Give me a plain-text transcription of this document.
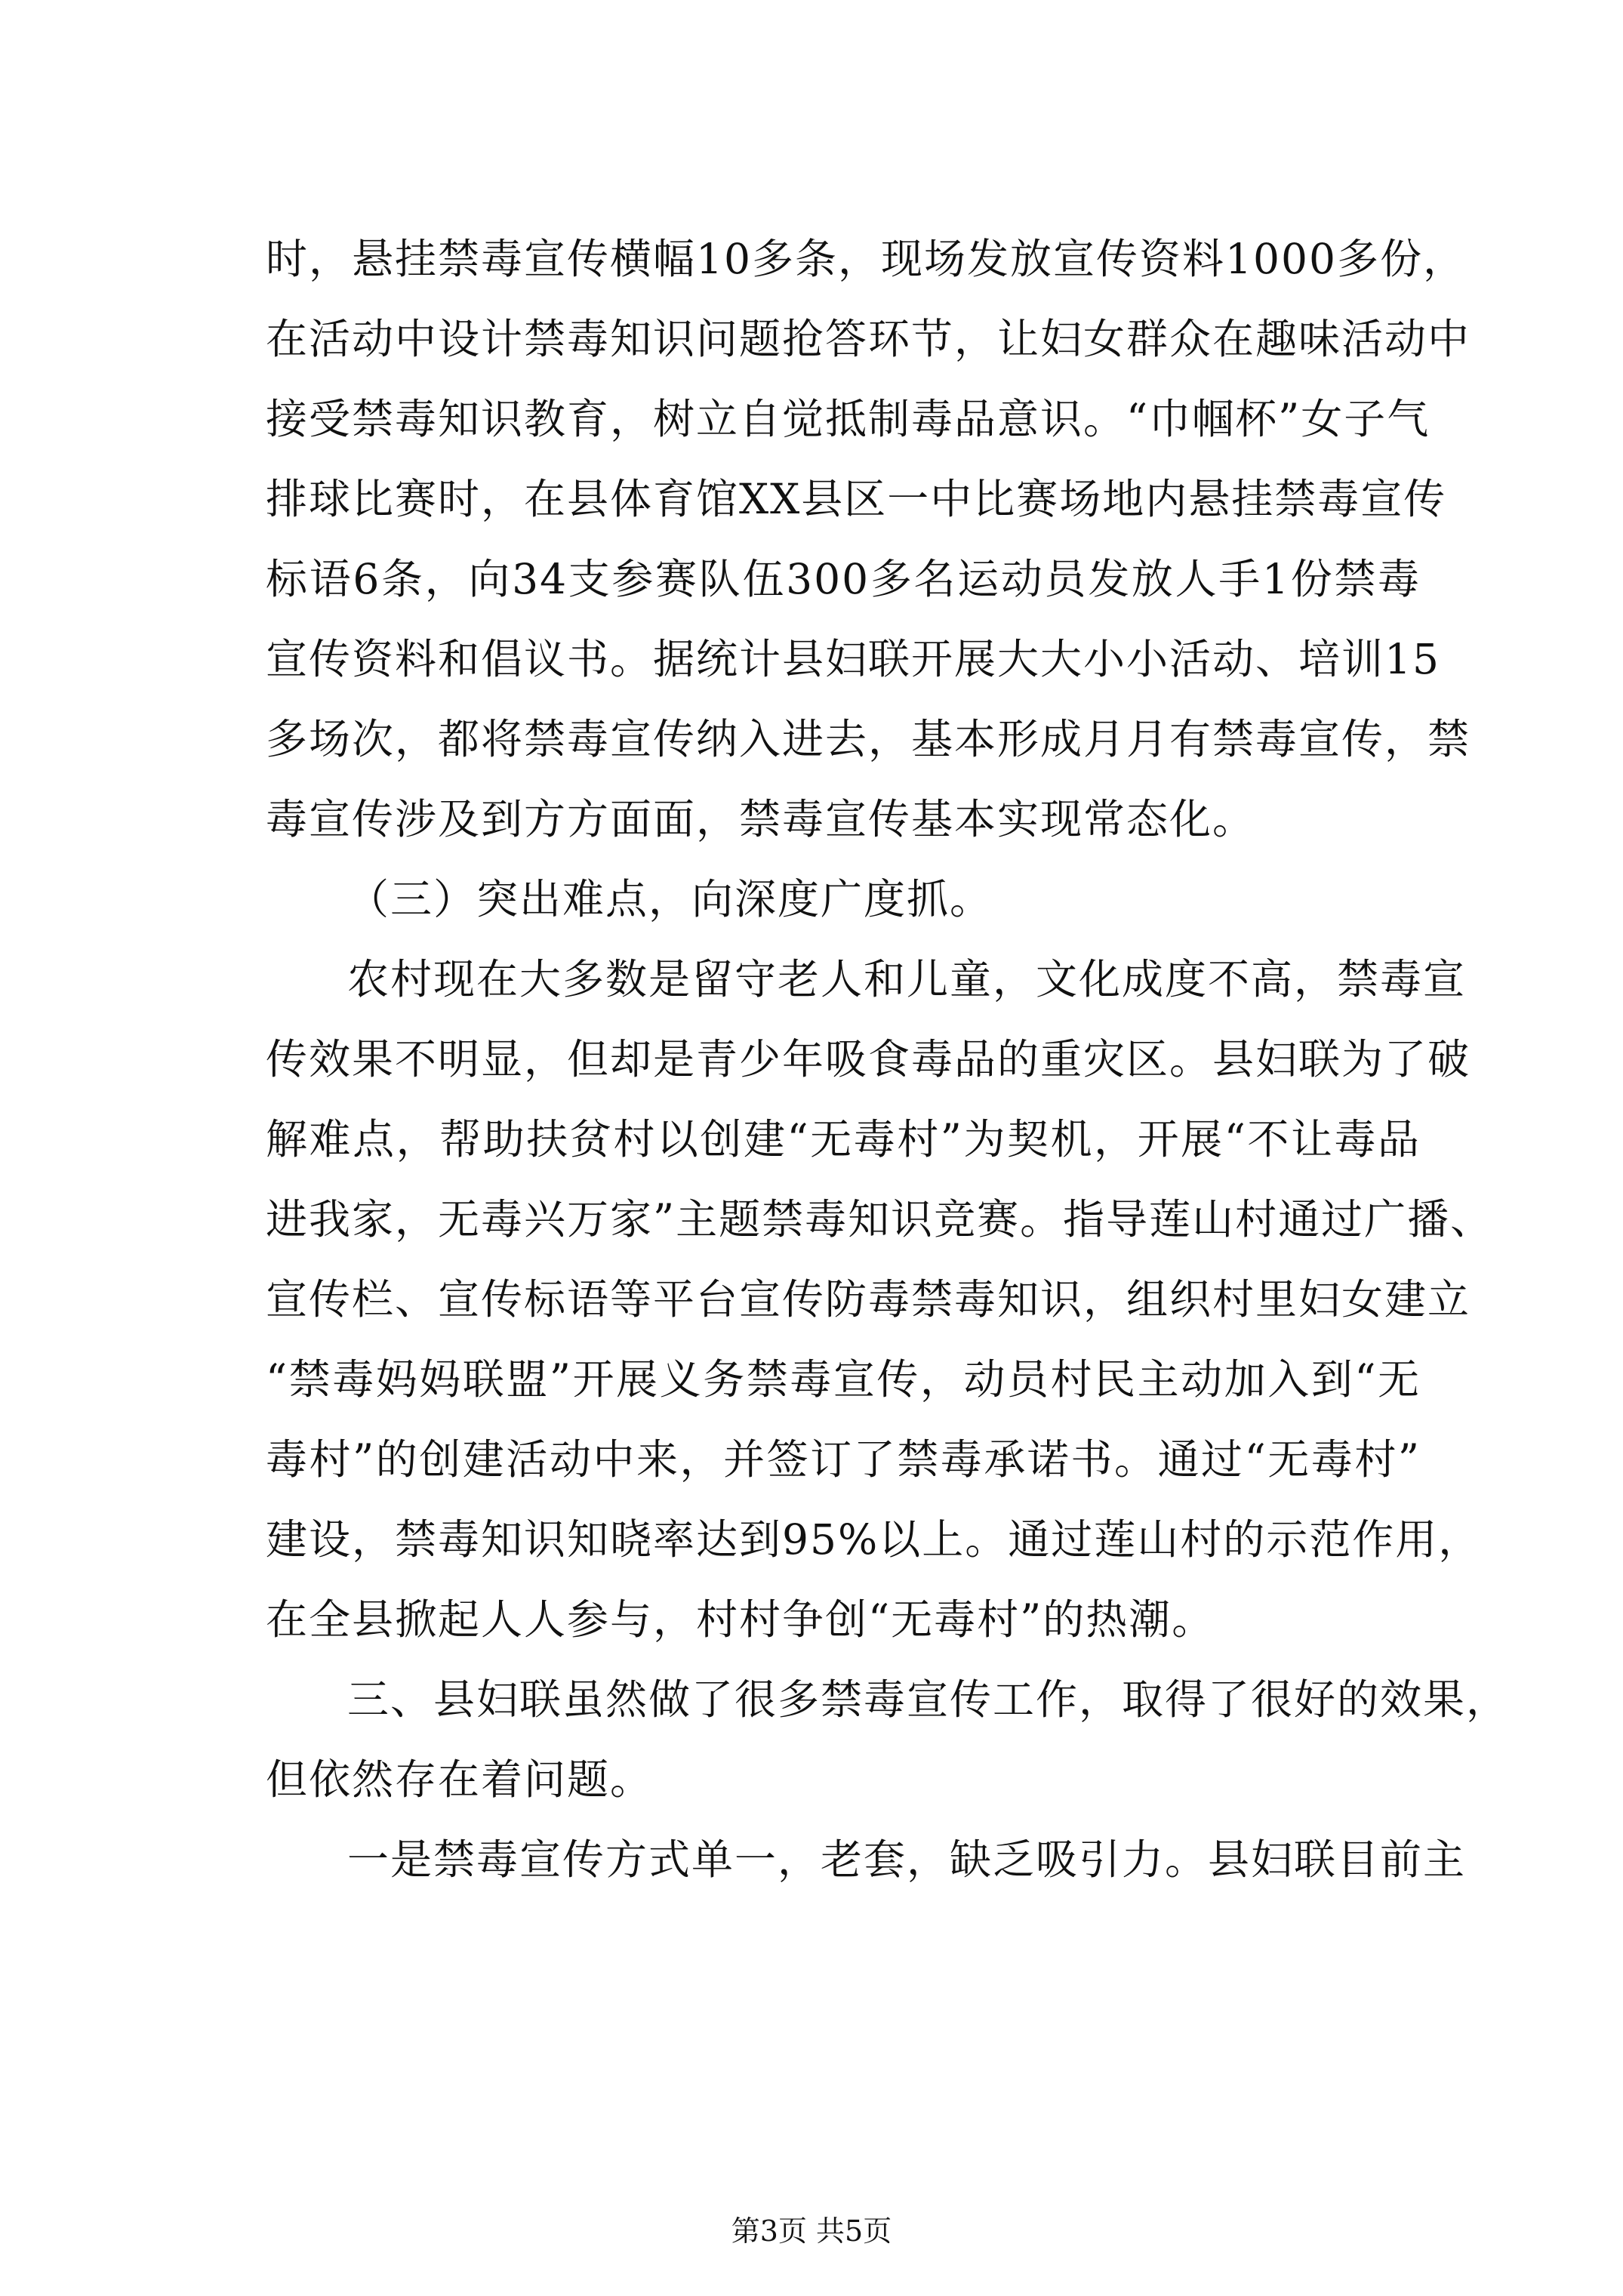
时，悬挂禁毒宣传横幅10多条，现场发放宣传资料1000多份，
在活动中设计禁毒知识问题抢答环节，让妇女群众在趣味活动中
接受禁毒知识教育，树立自觉抵制毒品意识。“巾帼杯”女子气
排球比赛时，在县体育馆XX县区一中比赛场地内悬挂禁毒宣传
标语6条，向34支参赛队伍300多名运动员发放人手1份禁毒
宣传资料和倡议书。据统计县妇联开展大大小小活动、培训15
多场次，都将禁毒宣传纳入进去，基本形成月月有禁毒宣传，禁
毒宣传涉及到方方面面，禁毒宣传基本实现常态化。
（三）突出难点，向深度广度抓。
农村现在大多数是留守老人和儿童，文化成度不高，禁毒宣
传效果不明显，但却是青少年吸食毒品的重灾区。县妇联为了破
解难点，帮助扶贫村以创建“无毒村”为契机，开展“不让毒品
进我家，无毒兴万家”主题禁毒知识竞赛。指导莲山村通过广播、
宣传栏、宣传标语等平台宣传防毒禁毒知识，组织村里妇女建立
“禁毒妈妈联盟”开展义务禁毒宣传，动员村民主动加入到“无
毒村”的创建活动中来，并签订了禁毒承诺书。通过“无毒村”
建设，禁毒知识知晓率达到95%以上。通过莲山村的示范作用，
在全县掀起人人参与，村村争创“无毒村”的热潮。
三、县妇联虽然做了很多禁毒宣传工作，取得了很好的效果，
但依然存在着问题。
一是禁毒宣传方式单一，老套，缺乏吸引力。县妇联目前主
第3页 共5页
